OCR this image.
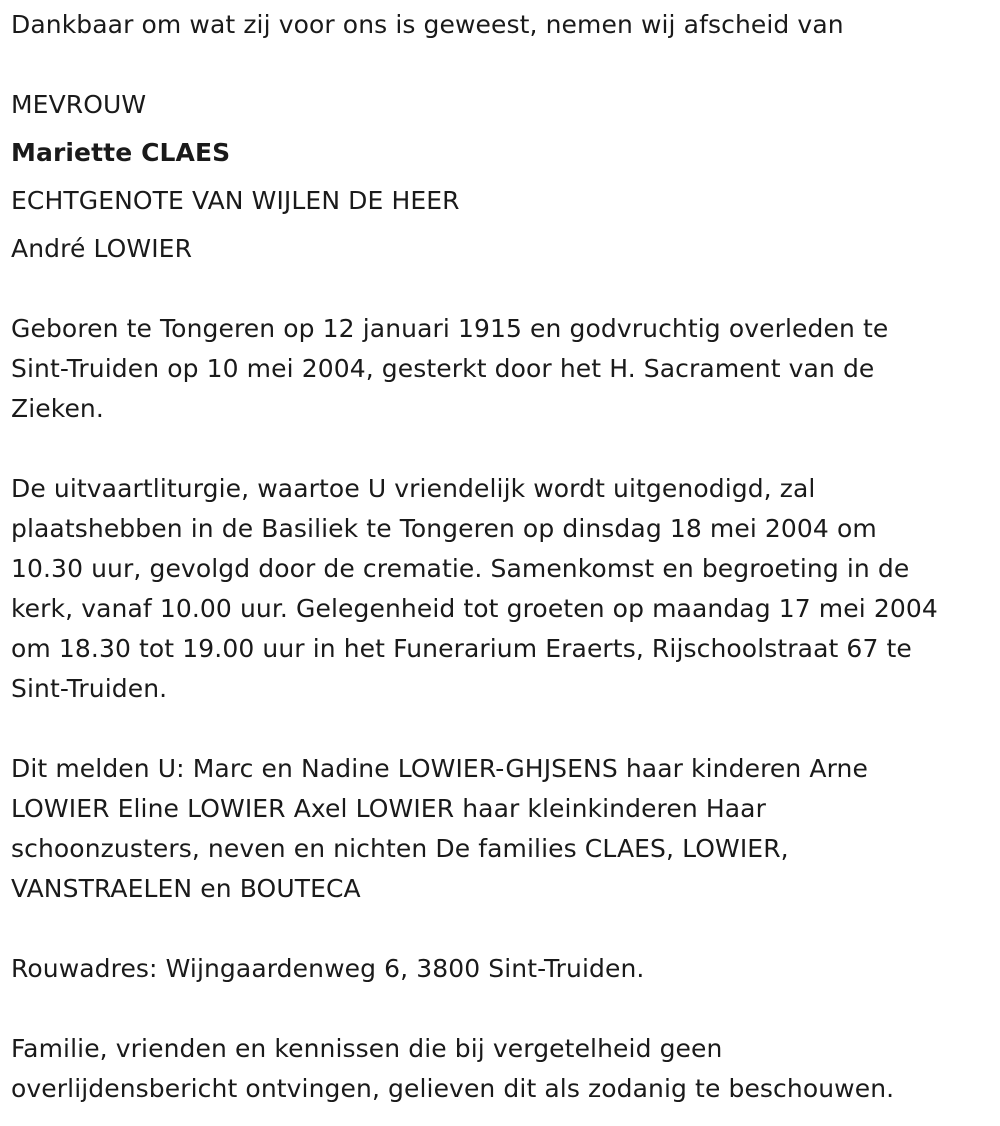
Dankbaar om wat zij voor ons is geweest, nemen wij afscheid van
MEVROUW
Mariette CLAES
ECHTGENOTE VAN WIJLEN DE HEER
André LOWIER
Geboren te Tongeren op 12 januari 1915 en godvruchtig overleden te
Sint-Truiden op 10 mei 2004, gesterkt door het H. Sacrament van de
Zieken.
De uitvaartliturgie, waartoe U vriendelijk wordt uitgenodigd, zal
plaatshebben in de Basiliek te Tongeren op dinsdag 18 mei 2004 om
10.30 uur, gevolgd door de crematie. Samenkomst en begroeting in de
kerk, vanaf 10.00 uur. Gelegenheid tot groeten op maandag 17 mei 2004
om 18.30 tot 19.00 uur in het Funerarium Eraerts, Rijschoolstraat 67 te
Sint-Truiden.
Dit melden U: Marc en Nadine LOWIER-GHJSENS haar kinderen Arne
LOWIER Eline LOWIER Axel LOWIER haar kleinkinderen Haar
schoonzusters, neven en nichten De families CLAES, LOWIER,
VANSTRAELEN en BOUTECA
Rouwadres: Wijngaardenweg 6, 3800 Sint-Truiden.
Familie, vrienden en kennissen die bij vergetelheid geen
overlijdensbericht ontvingen, gelieven dit als zodanig te beschouwen.
